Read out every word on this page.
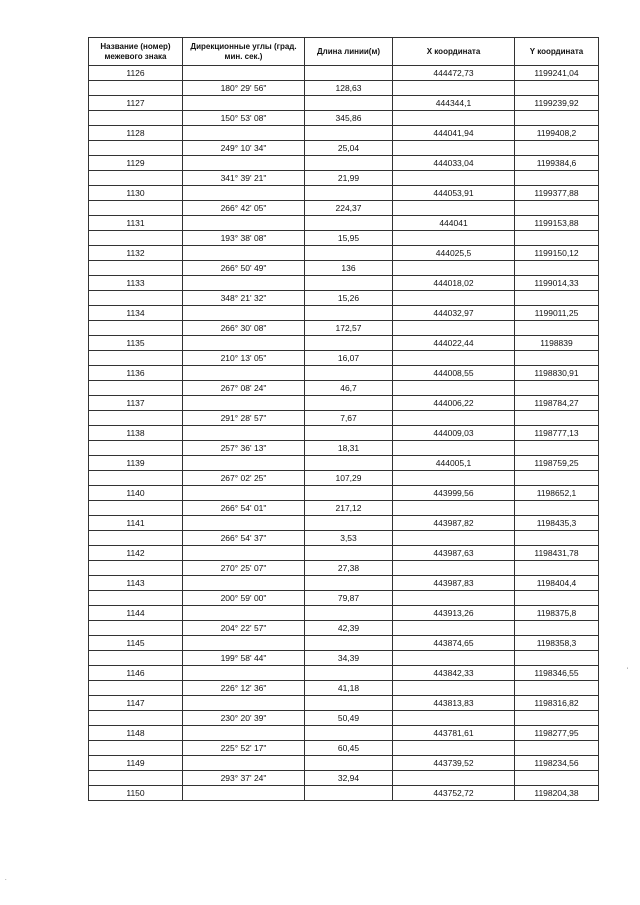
Название (номер) межевого знака	Дирекционные углы (град. мин. сек.)	Длина линии(м)	X координата	Y координата
1126			444472,73	1199241,04
	180° 29' 56"	128,63		
1127			444344,1	1199239,92
	150° 53' 08"	345,86		
1128			444041,94	1199408,2
	249° 10' 34"	25,04		
1129			444033,04	1199384,6
	341° 39' 21"	21,99		
1130			444053,91	1199377,88
	266° 42' 05"	224,37		
1131			444041	1199153,88
	193° 38' 08"	15,95		
1132			444025,5	1199150,12
	266° 50' 49"	136		
1133			444018,02	1199014,33
	348° 21' 32"	15,26		
1134			444032,97	1199011,25
	266° 30' 08"	172,57		
1135			444022,44	1198839
	210° 13' 05"	16,07		
1136			444008,55	1198830,91
	267° 08' 24"	46,7		
1137			444006,22	1198784,27
	291° 28' 57"	7,67		
1138			444009,03	1198777,13
	257° 36' 13"	18,31		
1139			444005,1	1198759,25
	267° 02' 25"	107,29		
1140			443999,56	1198652,1
	266° 54' 01"	217,12		
1141			443987,82	1198435,3
	266° 54' 37"	3,53		
1142			443987,63	1198431,78
	270° 25' 07"	27,38		
1143			443987,83	1198404,4
	200° 59' 00"	79,87		
1144			443913,26	1198375,8
	204° 22' 57"	42,39		
1145			443874,65	1198358,3
	199° 58' 44"	34,39		
1146			443842,33	1198346,55
	226° 12' 36"	41,18		
1147			443813,83	1198316,82
	230° 20' 39"	50,49		
1148			443781,61	1198277,95
	225° 52' 17"	60,45		
1149			443739,52	1198234,56
	293° 37' 24"	32,94		
1150			443752,72	1198204,38
'
.
